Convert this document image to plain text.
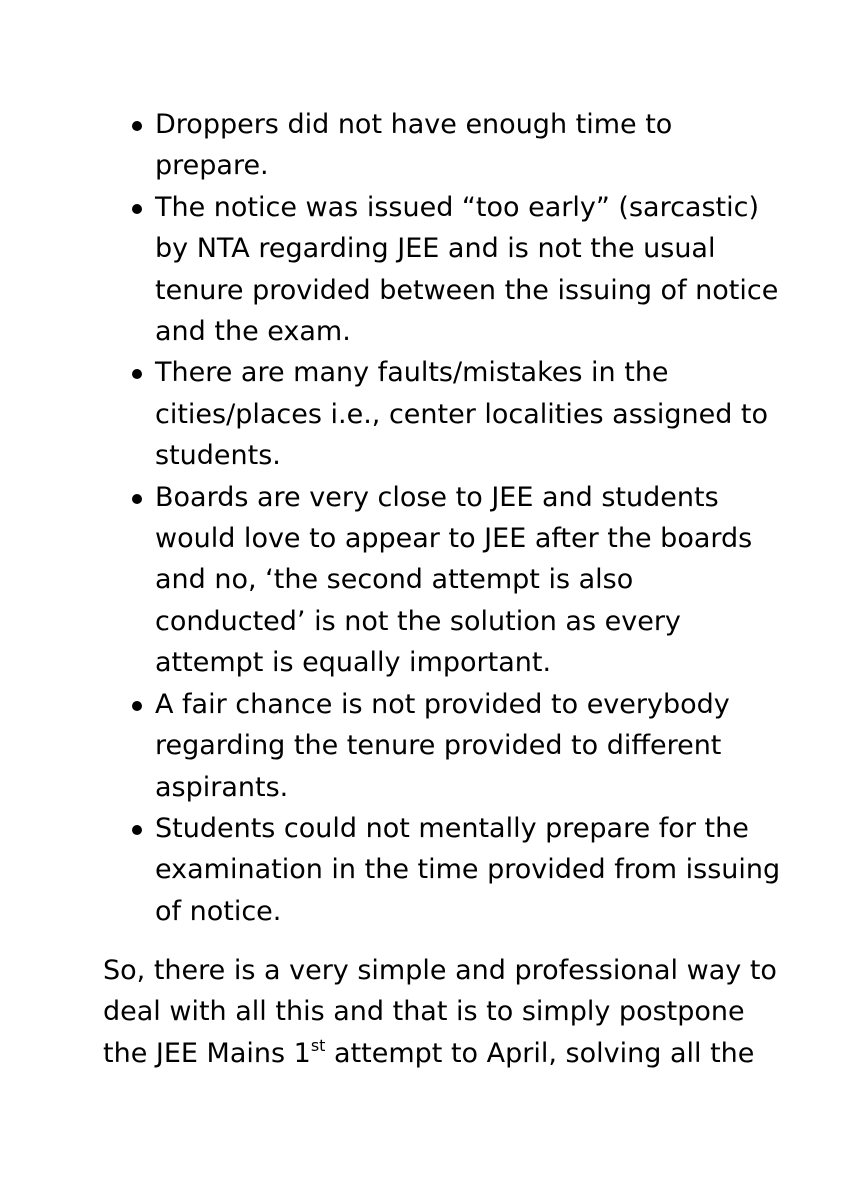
Droppers did not have enough time to
prepare.
The notice was issued “too early” (sarcastic)
by NTA regarding JEE and is not the usual
tenure provided between the issuing of notice
and the exam.
There are many faults/mistakes in the
cities/places i.e., center localities assigned to
students.
Boards are very close to JEE and students
would love to appear to JEE after the boards
and no, ‘the second attempt is also
conducted’ is not the solution as every
attempt is equally important.
A fair chance is not provided to everybody
regarding the tenure provided to different
aspirants.
Students could not mentally prepare for the
examination in the time provided from issuing
of notice.

So, there is a very simple and professional way to
deal with all this and that is to simply postpone
the JEE Mains 1st attempt to April, solving all the
